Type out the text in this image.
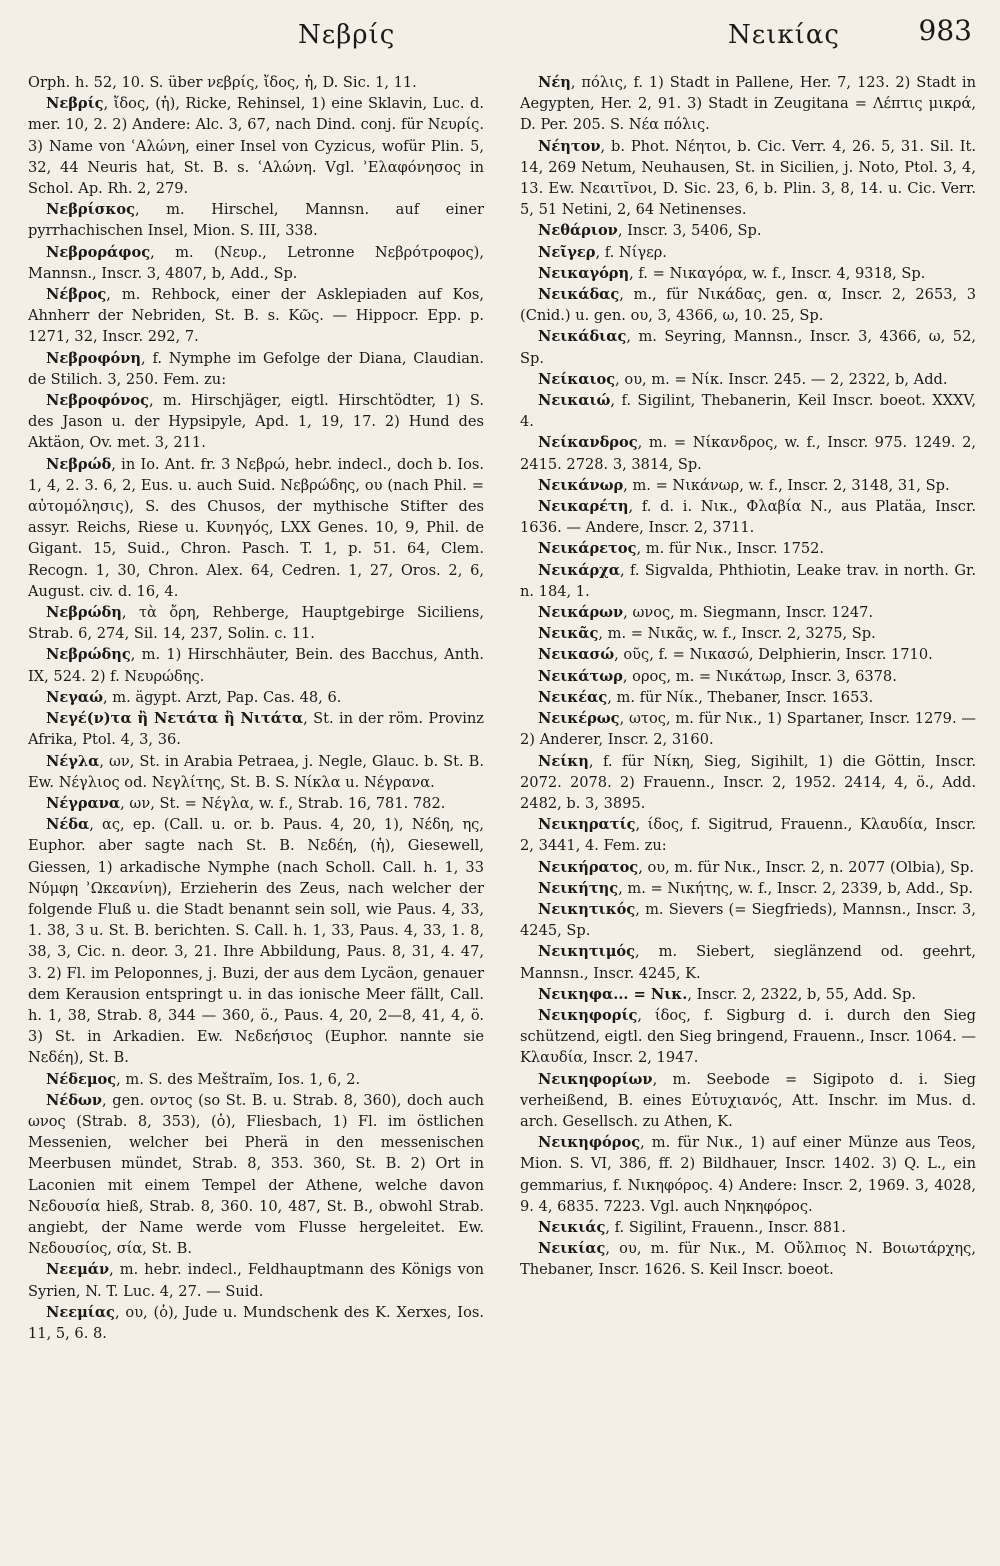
Νεβρίς	Νεικίας	983

Orph. h. 52, 10. S. über νεβρίς, ἴδος, ἡ, D. Sic. 1, 11.

Νεβρίς, ἴδος, (ἡ), Ricke, Rehinsel, 1) eine Sklavin, Luc. d. mer. 10, 2. 2) Andere: Alc. 3, 67, nach Dind. conj. für Νευρίς. 3) Name von ʿΑλώνη, einer Insel von Cyzicus, wofür Plin. 5, 32, 44 Neuris hat, St. B. s. ʿΑλώνη. Vgl. ʾΕλαφόνησος in Schol. Ap. Rh. 2, 279.

Νεβρίσκος, m. Hirschel, Mannsn. auf einer pyrrhachischen Insel, Mion. S. III, 338.

Νεβροράφος, m. (Νευρ., Letronne Νεβρότροφος), Mannsn., Inscr. 3, 4807, b, Add., Sp.

Νέβρος, m. Rehbock, einer der Asklepiaden auf Kos, Ahnherr der Nebriden, St. B. s. Κῶς. — Hippocr. Epp. p. 1271, 32, Inscr. 292, 7.

Νεβροφόνη, f. Nymphe im Gefolge der Diana, Claudian. de Stilich. 3, 250. Fem. zu:

Νεβροφόνος, m. Hirschjäger, eigtl. Hirschtödter, 1) S. des Jason u. der Hypsipyle, Apd. 1, 19, 17. 2) Hund des Aktäon, Ov. met. 3, 211.

Νεβρώδ, in Io. Ant. fr. 3 Νεβρώ, hebr. indecl., doch b. Ios. 1, 4, 2. 3. 6, 2, Eus. u. auch Suid. Νεβρώδης, ου (nach Phil. = αὐτομόλησις), S. des Chusos, der mythische Stifter des assyr. Reichs, Riese u. Κυνηγός, LXX Genes. 10, 9, Phil. de Gigant. 15, Suid., Chron. Pasch. T. 1, p. 51. 64, Clem. Recogn. 1, 30, Chron. Alex. 64, Cedren. 1, 27, Oros. 2, 6, August. civ. d. 16, 4.

Νεβρώδη, τὰ ὄρη, Rehberge, Hauptgebirge Siciliens, Strab. 6, 274, Sil. 14, 237, Solin. c. 11.

Νεβρώδης, m. 1) Hirschhäuter, Bein. des Bacchus, Anth. IX, 524. 2) f. Νευρώδης.

Νεγαώ, m. ägypt. Arzt, Pap. Cas. 48, 6.

Νεγέ(ν)τα ἢ Νετάτα ἢ Νιτάτα, St. in der röm. Provinz Afrika, Ptol. 4, 3, 36.

Νέγλα, ων, St. in Arabia Petraea, j. Negle, Glauc. b. St. B. Ew. Νέγλιος od. Νεγλίτης, St. B. S. Νίκλα u. Νέγρανα.

Νέγρανα, ων, St. = Νέγλα, w. f., Strab. 16, 781. 782.

Νέδα, ας, ep. (Call. u. or. b. Paus. 4, 20, 1), Νέδη, ης, Euphor. aber sagte nach St. B. Νεδέη, (ἡ), Giesewell, Giessen, 1) arkadische Nymphe (nach Scholl. Call. h. 1, 33 Νύμφη ʾΩκεανίνη), Erzieherin des Zeus, nach welcher der folgende Fluß u. die Stadt benannt sein soll, wie Paus. 4, 33, 1. 38, 3 u. St. B. berichten. S. Call. h. 1, 33, Paus. 4, 33, 1. 8, 38, 3, Cic. n. deor. 3, 21. Ihre Abbildung, Paus. 8, 31, 4. 47, 3. 2) Fl. im Peloponnes, j. Buzi, der aus dem Lycäon, genauer dem Kerausion entspringt u. in das ionische Meer fällt, Call. h. 1, 38, Strab. 8, 344 — 360, ö., Paus. 4, 20, 2—8, 41, 4, ö. 3) St. in Arkadien. Ew. Νεδεήσιος (Euphor. nannte sie Νεδέη), St. B.

Νέδεμος, m. S. des Meštraïm, Ios. 1, 6, 2.

Νέδων, gen. οντος (so St. B. u. Strab. 8, 360), doch auch ωνος (Strab. 8, 353), (ὁ), Fliesbach, 1) Fl. im östlichen Messenien, welcher bei Pherä in den messenischen Meerbusen mündet, Strab. 8, 353. 360, St. B. 2) Ort in Laconien mit einem Tempel der Athene, welche davon Νεδουσία hieß, Strab. 8, 360. 10, 487, St. B., obwohl Strab. angiebt, der Name werde vom Flusse hergeleitet. Ew. Νεδουσίος, σία, St. B.

Νεεμάν, m. hebr. indecl., Feldhauptmann des Königs von Syrien, N. T. Luc. 4, 27. — Suid.

Νεεμίας, ου, (ὁ), Jude u. Mundschenk des K. Xerxes, Ios. 11, 5, 6. 8.

Νέη, πόλις, f. 1) Stadt in Pallene, Her. 7, 123. 2) Stadt in Aegypten, Her. 2, 91. 3) Stadt in Zeugitana = Λέπτις μικρά, D. Per. 205. S. Νέα πόλις.

Νέητον, b. Phot. Νέητοι, b. Cic. Verr. 4, 26. 5, 31. Sil. It. 14, 269 Netum, Neuhausen, St. in Sicilien, j. Noto, Ptol. 3, 4, 13. Ew. Νεαιτῖνοι, D. Sic. 23, 6, b. Plin. 3, 8, 14. u. Cic. Verr. 5, 51 Netini, 2, 64 Netinenses.

Νεθάριον, Inscr. 3, 5406, Sp.

Νεῖγερ, f. Νίγερ.

Νεικαγόρη, f. = Νικαγόρα, w. f., Inscr. 4, 9318, Sp.

Νεικάδας, m., für Νικάδας, gen. α, Inscr. 2, 2653, 3 (Cnid.) u. gen. ου, 3, 4366, ω, 10. 25, Sp.

Νεικάδιας, m. Seyring, Mannsn., Inscr. 3, 4366, ω, 52, Sp.

Νείκαιος, ου, m. = Νίκ. Inscr. 245. — 2, 2322, b, Add.

Νεικαιώ, f. Sigilint, Thebanerin, Keil Inscr. boeot. XXXV, 4.

Νείκανδρος, m. = Νίκανδρος, w. f., Inscr. 975. 1249. 2, 2415. 2728. 3, 3814, Sp.

Νεικάνωρ, m. = Νικάνωρ, w. f., Inscr. 2, 3148, 31, Sp.

Νεικαρέτη, f. d. i. Νικ., Φλαβία Ν., aus Platäa, Inscr. 1636. — Andere, Inscr. 2, 3711.

Νεικάρετος, m. für Νικ., Inscr. 1752.

Νεικάρχα, f. Sigvalda, Phthiotin, Leake trav. in north. Gr. n. 184, 1.

Νεικάρων, ωνος, m. Siegmann, Inscr. 1247.

Νεικᾶς, m. = Νικᾶς, w. f., Inscr. 2, 3275, Sp.

Νεικασώ, οῦς, f. = Νικασώ, Delphierin, Inscr. 1710.

Νεικάτωρ, ορος, m. = Νικάτωρ, Inscr. 3, 6378.

Νεικέας, m. für Νίκ., Thebaner, Inscr. 1653.

Νεικέρως, ωτος, m. für Νικ., 1) Spartaner, Inscr. 1279. — 2) Anderer, Inscr. 2, 3160.

Νείκη, f. für Νίκη, Sieg, Sigihilt, 1) die Göttin, Inscr. 2072. 2078. 2) Frauenn., Inscr. 2, 1952. 2414, 4, ö., Add. 2482, b. 3, 3895.

Νεικηρατίς, ίδος, f. Sigitrud, Frauenn., Κλαυδία, Inscr. 2, 3441, 4. Fem. zu:

Νεικήρατος, ου, m. für Νικ., Inscr. 2, n. 2077 (Olbia), Sp.

Νεικήτης, m. = Νικήτης, w. f., Inscr. 2, 2339, b, Add., Sp.

Νεικητικός, m. Sievers (= Siegfrieds), Mannsn., Inscr. 3, 4245, Sp.

Νεικητιμός, m. Siebert, sieglänzend od. geehrt, Mannsn., Inscr. 4245, K.

Νεικηφα... = Νικ., Inscr. 2, 2322, b, 55, Add. Sp.

Νεικηφορίς, ίδος, f. Sigburg d. i. durch den Sieg schützend, eigtl. den Sieg bringend, Frauenn., Inscr. 1064. — Κλαυδία, Inscr. 2, 1947.

Νεικηφορίων, m. Seebode = Sigipoto d. i. Sieg verheißend, B. eines Εὐτυχιανός, Att. Inschr. im Mus. d. arch. Gesellsch. zu Athen, K.

Νεικηφόρος, m. für Νικ., 1) auf einer Münze aus Teos, Mion. S. VI, 386, ff. 2) Bildhauer, Inscr. 1402. 3) Q. L., ein gemmarius, f. Νικηφόρος. 4) Andere: Inscr. 2, 1969. 3, 4028, 9. 4, 6835. 7223. Vgl. auch Νηκηφόρος.

Νεικιάς, f. Sigilint, Frauenn., Inscr. 881.

Νεικίας, ου, m. für Νικ., Μ. Οὔλπιος Ν. Βοιωτάρχης, Thebaner, Inscr. 1626. S. Keil Inscr. boeot.
